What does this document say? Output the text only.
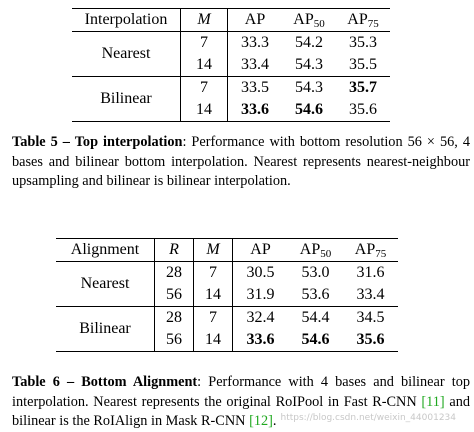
Interpolation	M	AP	$AP_{50}$	$AP_{75}$
Nearest	7	33.3	54.2	35.3
	14	33.4	54.3	35.5
Bilinear	7	33.5	54.3	35.7
	14	33.6	54.6	35.6
Table 5 – Top interpolation: Performance with bottom resolution 56 × 56, 4 bases and bilinear bottom interpolation. Nearest represents nearest-neighbour upsampling and bilinear is bilinear interpolation.
Alignment	R	M	AP	$AP_{50}$	$AP_{75}$
Nearest	28	7	30.5	53.0	31.6
	56	14	31.9	53.6	33.4
Bilinear	28	7	32.4	54.4	34.5
	56	14	33.6	54.6	35.6
Table 6 – Bottom Alignment: Performance with 4 bases and bilinear top interpolation. Nearest represents the original RoIPool in Fast R-CNN [11] and bilinear is the RoIAlign in Mask R-CNN [12]. https://blog.csdn.net/weixin_44001234
